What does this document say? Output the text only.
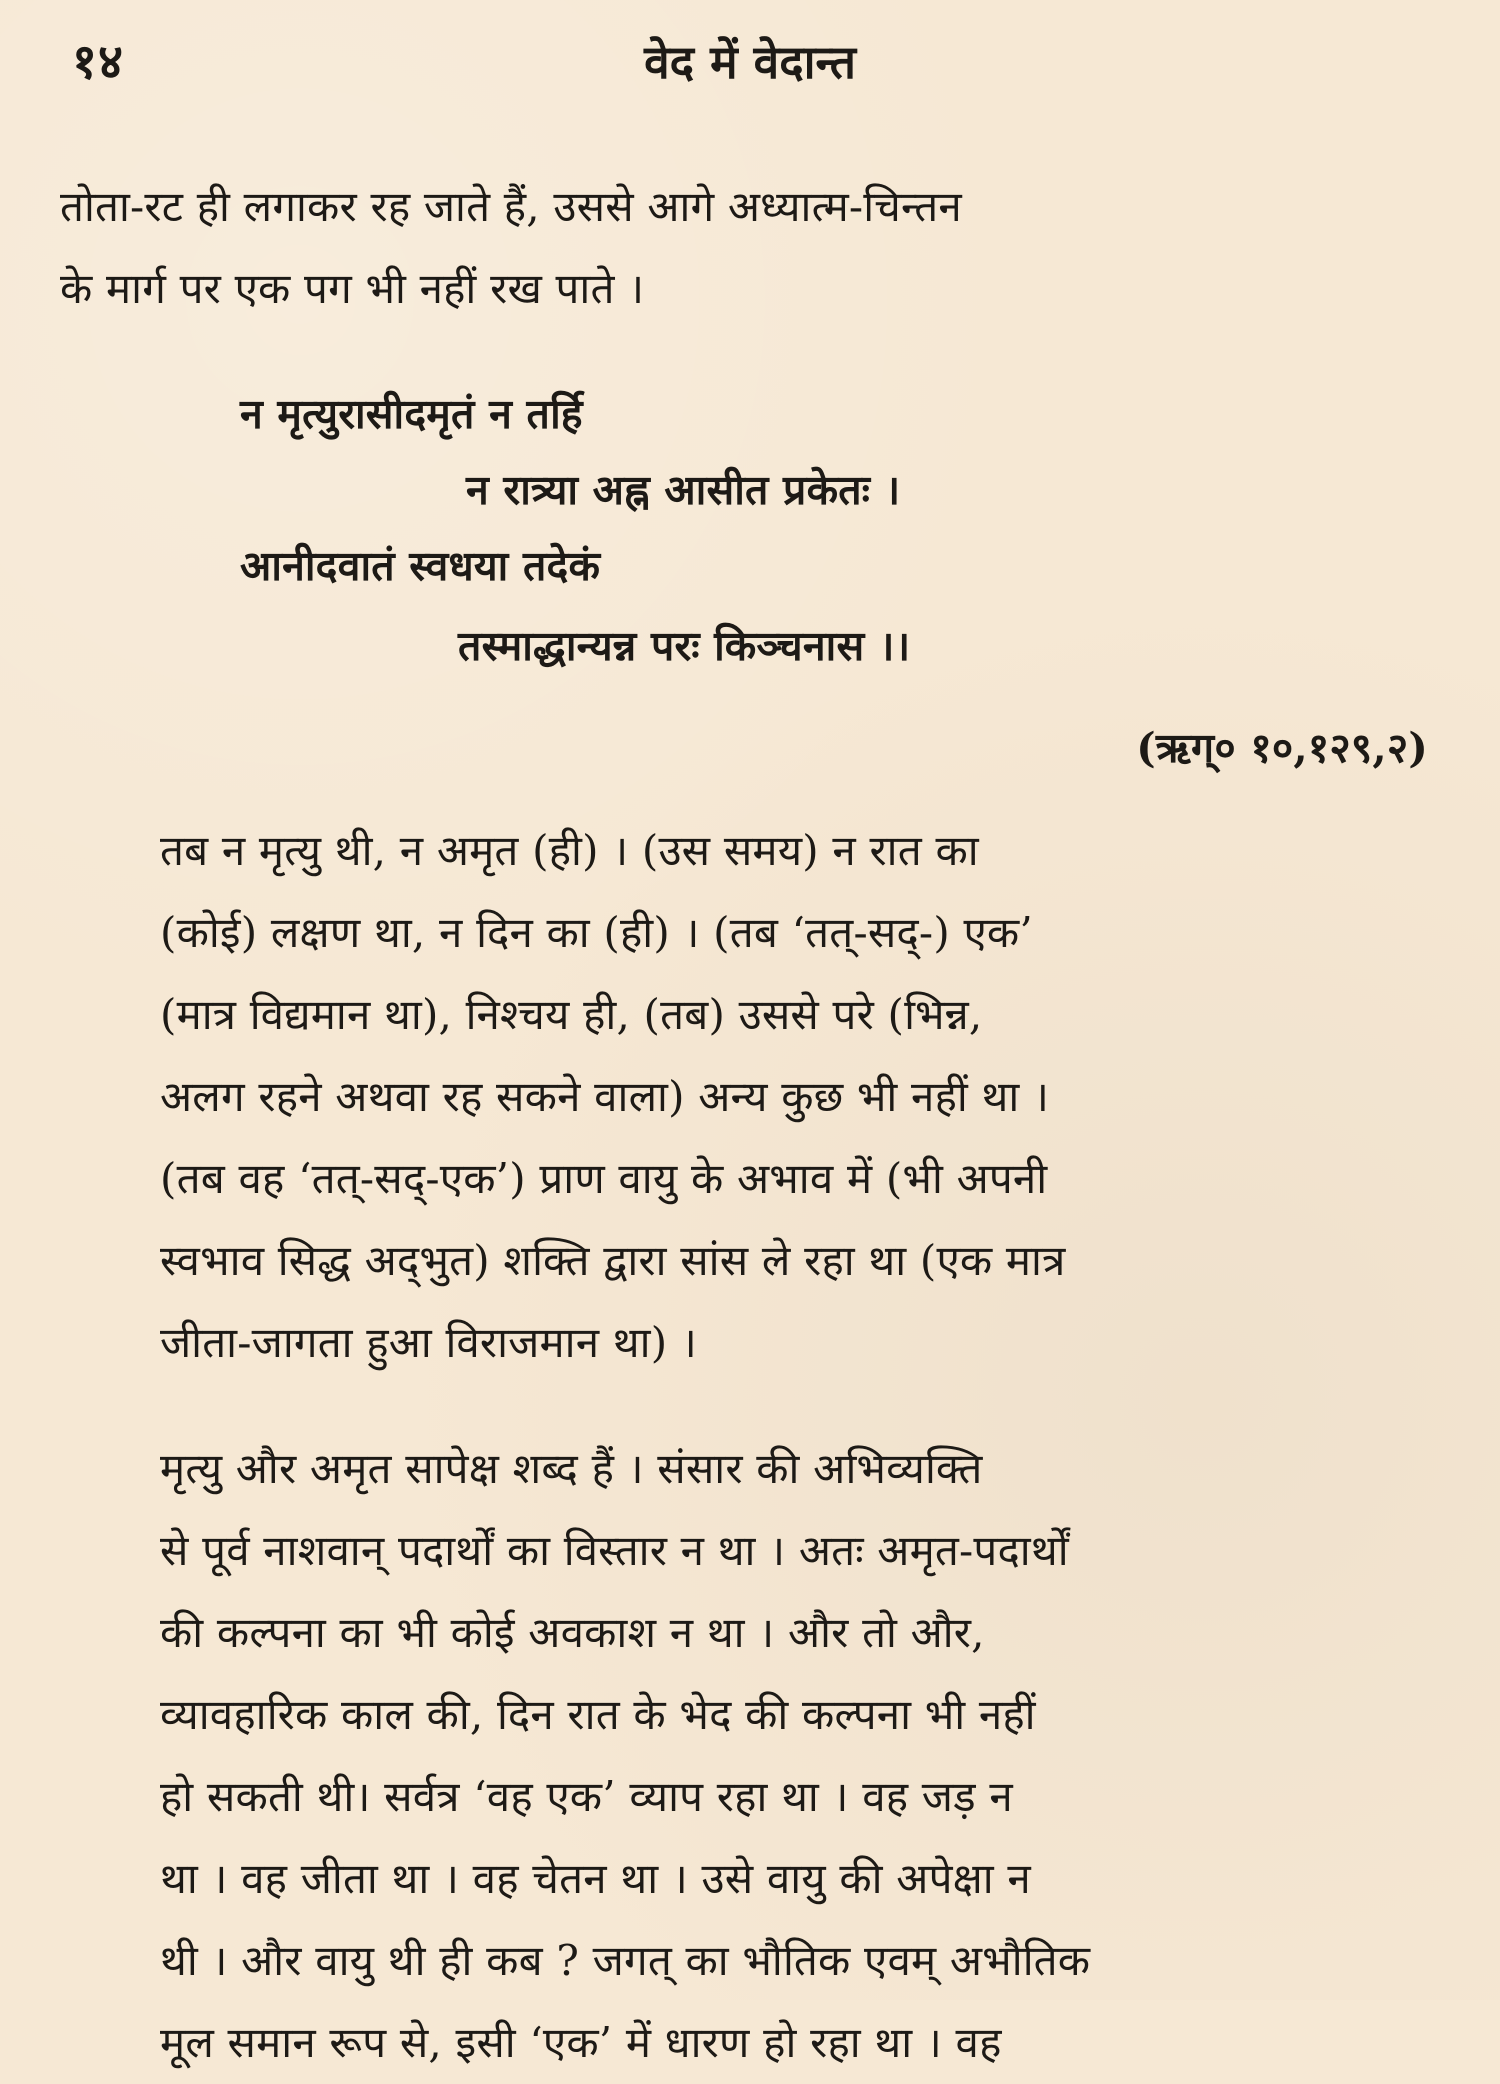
१४	वेद में वेदान्त
तोता-रट ही लगाकर रह जाते हैं, उससे आगे अध्यात्म-चिन्तन
के मार्ग पर एक पग भी नहीं रख पाते ।
न मृत्युरासीदमृतं न तर्हि
न रात्र्या अह्न आसीत प्रकेतः ।
आनीदवातं स्वधया तदेकं
तस्माद्धान्यन्न परः किञ्चनास ।।
(ऋग्० १०,१२९,२)
तब न मृत्यु थी, न अमृत (ही) । (उस समय) न रात का
(कोई) लक्षण था, न दिन का (ही) । (तब ‘तत्-सद्-) एक’
(मात्र विद्यमान था), निश्चय ही, (तब) उससे परे (भिन्न,
अलग रहने अथवा रह सकने वाला) अन्य कुछ भी नहीं था ।
(तब वह ‘तत्-सद्-एक’) प्राण वायु के अभाव में (भी अपनी
स्वभाव सिद्ध अद्‍भुत) शक्ति द्वारा सांस ले रहा था (एक मात्र
जीता-जागता हुआ विराजमान था) ।
मृत्यु और अमृत सापेक्ष शब्द हैं । संसार की अभिव्यक्ति
से पूर्व नाशवान् पदार्थों का विस्तार न था । अतः अमृत-पदार्थों
की कल्पना का भी कोई अवकाश न था । और तो और,
व्यावहारिक काल की, दिन रात के भेद की कल्पना भी नहीं
हो सकती थी। सर्वत्र ‘वह एक’ व्याप रहा था । वह जड़ न
था । वह जीता था । वह चेतन था । उसे वायु की अपेक्षा न
थी । और वायु थी ही कब ? जगत् का भौतिक एवम् अभौतिक
मूल समान रूप से, इसी ‘एक’ में धारण हो रहा था । वह
